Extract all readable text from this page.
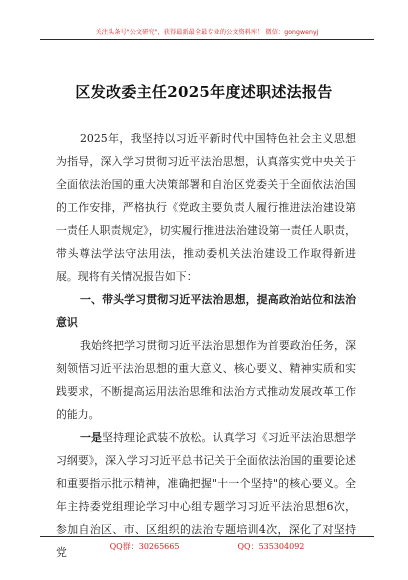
关注头条号"公文研究"，获得最新最全最专业的公文资料库！ 微信：gongwenyj
区发改委主任2025年度述职述法报告

2025年，我坚持以习近平新时代中国特色社会主义思想为指导，深入学习贯彻习近平法治思想，认真落实党中央关于全面依法治国的重大决策部署和自治区党委关于全面依法治国的工作安排，严格执行《党政主要负责人履行推进法治建设第一责任人职责规定》，切实履行推进法治建设第一责任人职责，带头尊法学法守法用法，推动委机关法治建设工作取得新进展。现将有关情况报告如下：

一、带头学习贯彻习近平法治思想，提高政治站位和法治意识

我始终把学习贯彻习近平法治思想作为首要政治任务，深刻领悟习近平法治思想的重大意义、核心要义、精神实质和实践要求，不断提高运用法治思维和法治方式推动发展改革工作的能力。

一是坚持理论武装不放松。认真学习《习近平法治思想学习纲要》，深入学习习近平总书记关于全面依法治国的重要论述和重要指示批示精神，准确把握"十一个坚持"的核心要义。全年主持委党组理论学习中心组专题学习习近平法治思想6次，参加自治区、市、区组织的法治专题培训4次，深化了对坚持党	QQ群：30265665	QQ：535304092
